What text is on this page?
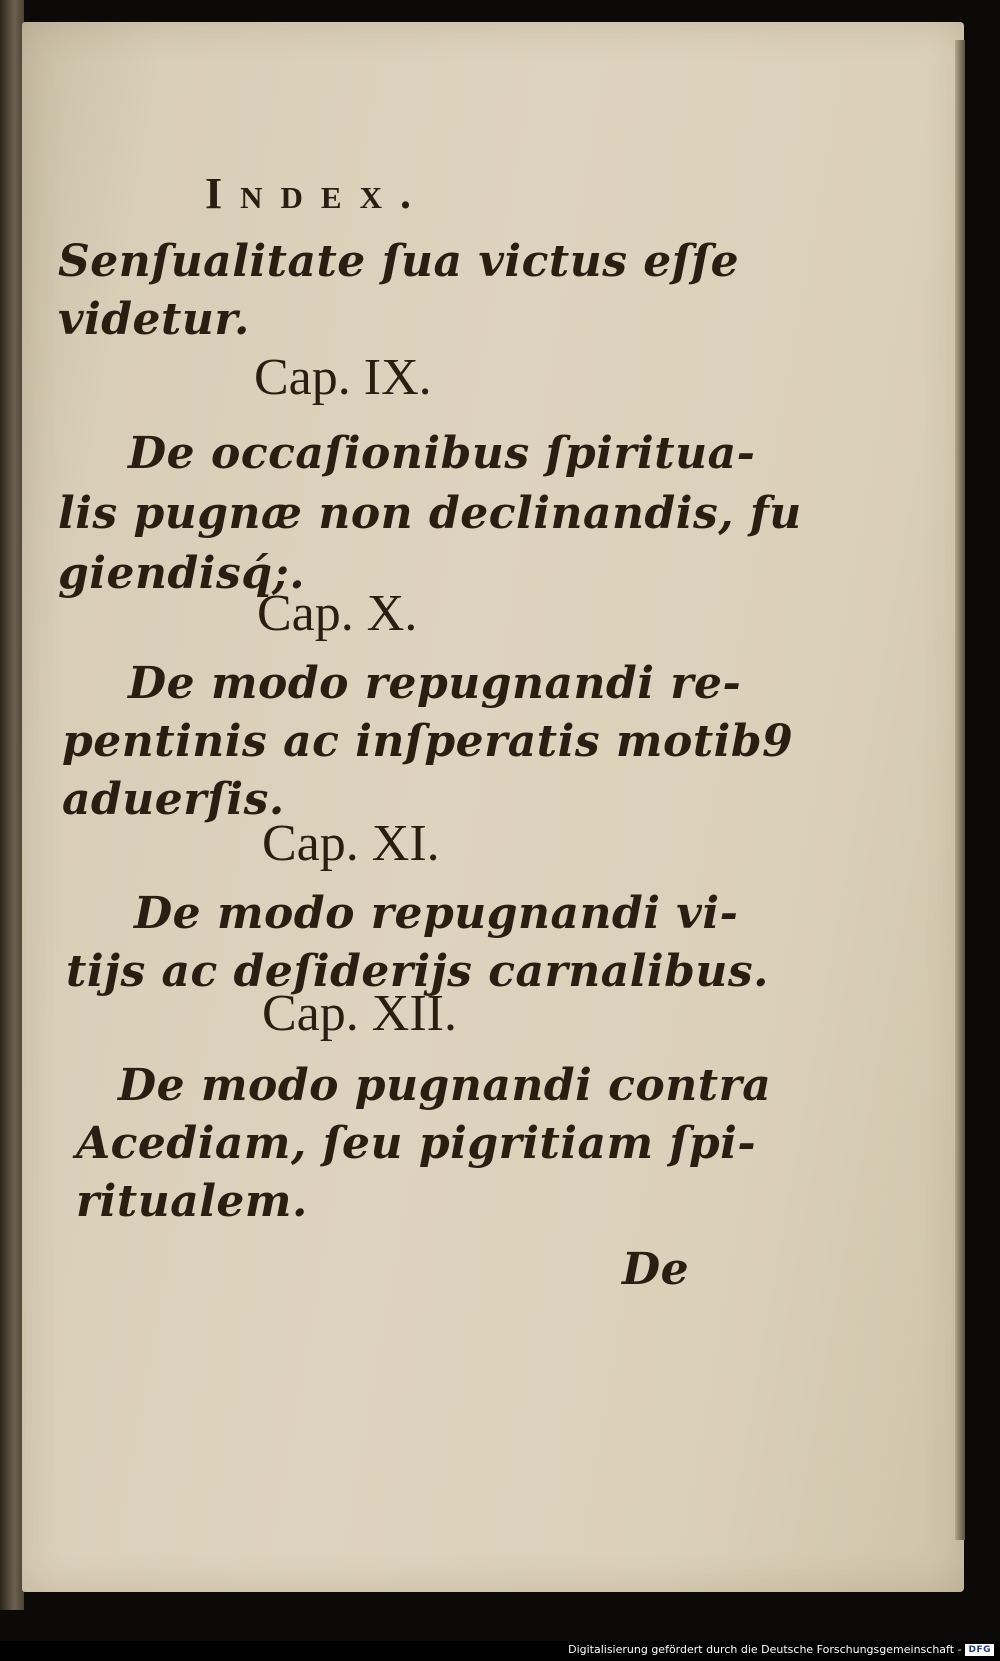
Index.
Senſualitate ſua victus eſſe
videtur.
Cap. IX.
De occaſionibus ſpiritua-
lis pugnæ non declinandis, fu
giendisq́;.
Cap. X.
De modo repugnandi re-
pentinis ac inſperatis motib9
aduerſis.
Cap. XI.
De modo repugnandi vi-
tijs ac deſiderijs carnalibus.
Cap. XII.
De modo pugnandi contra
Acediam, ſeu pigritiam ſpi-
ritualem.
De
Digitalisierung gefördert durch die Deutsche Forschungsgemeinschaft - DFG
